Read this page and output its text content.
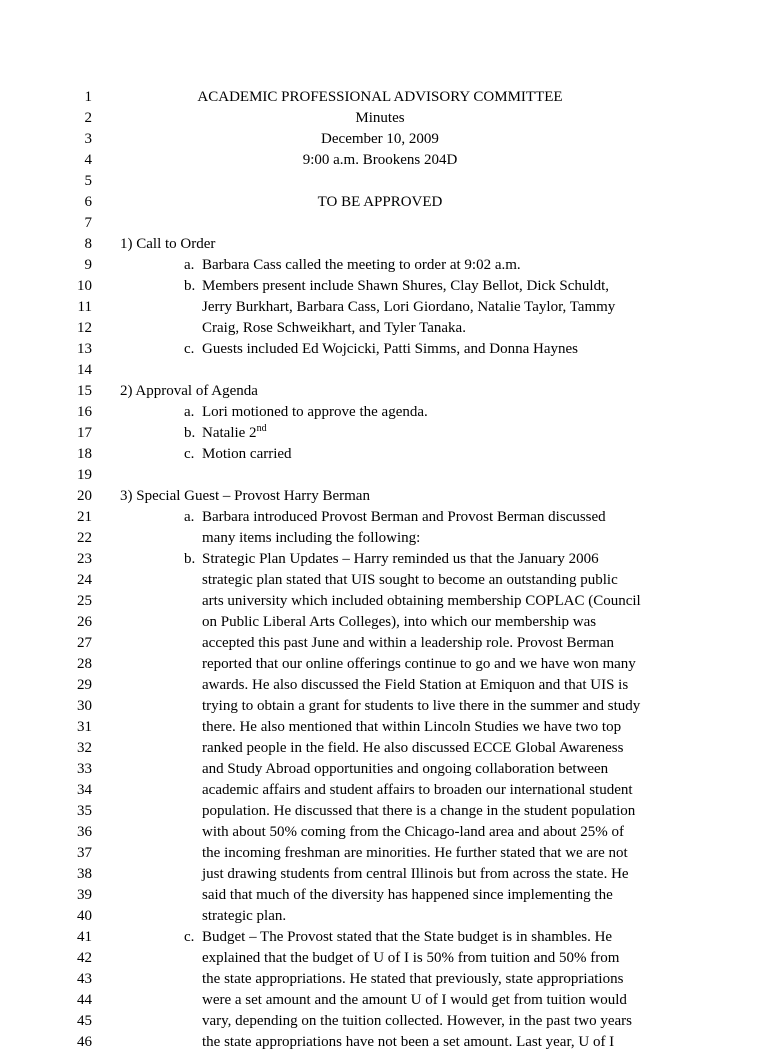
1
2
3
4
5
6
7
8
9
10
11
12
13
14
15
16
17
18
19
20
21
22
23
24
25
26
27
28
29
30
31
32
33
34
35
36
37
38
39
40
41
42
43
44
45
46
ACADEMIC PROFESSIONAL ADVISORY COMMITTEE
Minutes
December 10, 2009
9:00 a.m. Brookens 204D
TO BE APPROVED
1) Call to Order
a. Barbara Cass called the meeting to order at 9:02 a.m.
b. Members present include Shawn Shures, Clay Bellot, Dick Schuldt,
Jerry Burkhart, Barbara Cass, Lori Giordano, Natalie Taylor, Tammy
Craig, Rose Schweikhart, and Tyler Tanaka.
c. Guests included Ed Wojcicki, Patti Simms, and Donna Haynes
2) Approval of Agenda
a. Lori motioned to approve the agenda.
b. Natalie 2nd
c. Motion carried
3) Special Guest – Provost Harry Berman
a. Barbara introduced Provost Berman and Provost Berman discussed
many items including the following:
b. Strategic Plan Updates – Harry reminded us that the January 2006
strategic plan stated that UIS sought to become an outstanding public
arts university which included obtaining membership COPLAC (Council
on Public Liberal Arts Colleges), into which our membership was
accepted this past June and within a leadership role. Provost Berman
reported that our online offerings continue to go and we have won many
awards. He also discussed the Field Station at Emiquon and that UIS is
trying to obtain a grant for students to live there in the summer and study
there. He also mentioned that within Lincoln Studies we have two top
ranked people in the field. He also discussed ECCE Global Awareness
and Study Abroad opportunities and ongoing collaboration between
academic affairs and student affairs to broaden our international student
population. He discussed that there is a change in the student population
with about 50% coming from the Chicago-land area and about 25% of
the incoming freshman are minorities. He further stated that we are not
just drawing students from central Illinois but from across the state. He
said that much of the diversity has happened since implementing the
strategic plan.
c. Budget – The Provost stated that the State budget is in shambles. He
explained that the budget of U of I is 50% from tuition and 50% from
the state appropriations. He stated that previously, state appropriations
were a set amount and the amount U of I would get from tuition would
vary, depending on the tuition collected. However, in the past two years
the state appropriations have not been a set amount. Last year, U of I
